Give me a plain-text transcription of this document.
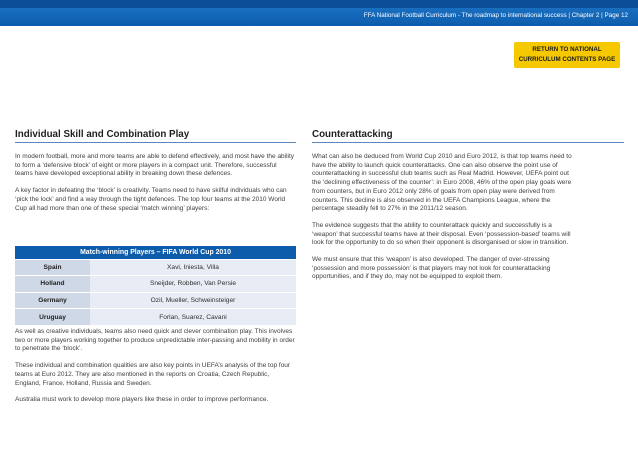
FFA National Football Curriculum - The roadmap to international success | Chapter 2 | Page 12
RETURN TO NATIONAL
CURRICULUM CONTENTS PAGE
Individual Skill and Combination Play

In modern football, more and more teams are able to defend effectively, and most have the ability to form a ‘defensive block’ of eight or more players in a compact unit. Therefore, successful teams have developed exceptional ability in breaking down these defences.

A key factor in defeating the ‘block’ is creativity. Teams need to have skilful individuals who can ‘pick the lock’ and find a way through the tight defences. The top four teams at the 2010 World Cup all had more than one of these special ‘match winning’ players:

Match-winning Players – FIFA World Cup 2010	
Spain	Xavi, Iniesta, Villa
Holland	Sneijder, Robben, Van Persie
Germany	Ozil, Mueller, Schweinsteiger
Uruguay	Forlan, Suarez, Cavani

As well as creative individuals, teams also need quick and clever combination play. This involves two or more players working together to produce unpredictable inter-passing and mobility in order to penetrate the ‘block’.

These individual and combination qualities are also key points in UEFA’s analysis of the top four teams at Euro 2012. They are also mentioned in the reports on Croatia, Czech Republic, England, France, Holland, Russia and Sweden.

Australia must work to develop more players like these in order to improve performance.

Counterattacking

What can also be deduced from World Cup 2010 and Euro 2012, is that top teams need to have the ability to launch quick counterattacks. One can also observe the point use of counterattacking in successful club teams such as Real Madrid. However, UEFA point out the ‘declining effectiveness of the counter’: in Euro 2008, 46% of the open play goals were from counters, but in Euro 2012 only 28% of goals from open play were derived from counters. This decline is also observed in the UEFA Champions League, where the percentage steadily fell to 27% in the 2011/12 season.

The evidence suggests that the ability to counterattack quickly and successfully is a ‘weapon’ that successful teams have at their disposal. Even ‘possession-based’ teams will look for the opportunity to do so when their opponent is disorganised or slow in transition.

We must ensure that this ‘weapon’ is also developed. The danger of over-stressing ‘possession and more possession’ is that players may not look for counterattacking opportunities, and if they do, may not be equipped to exploit them.
